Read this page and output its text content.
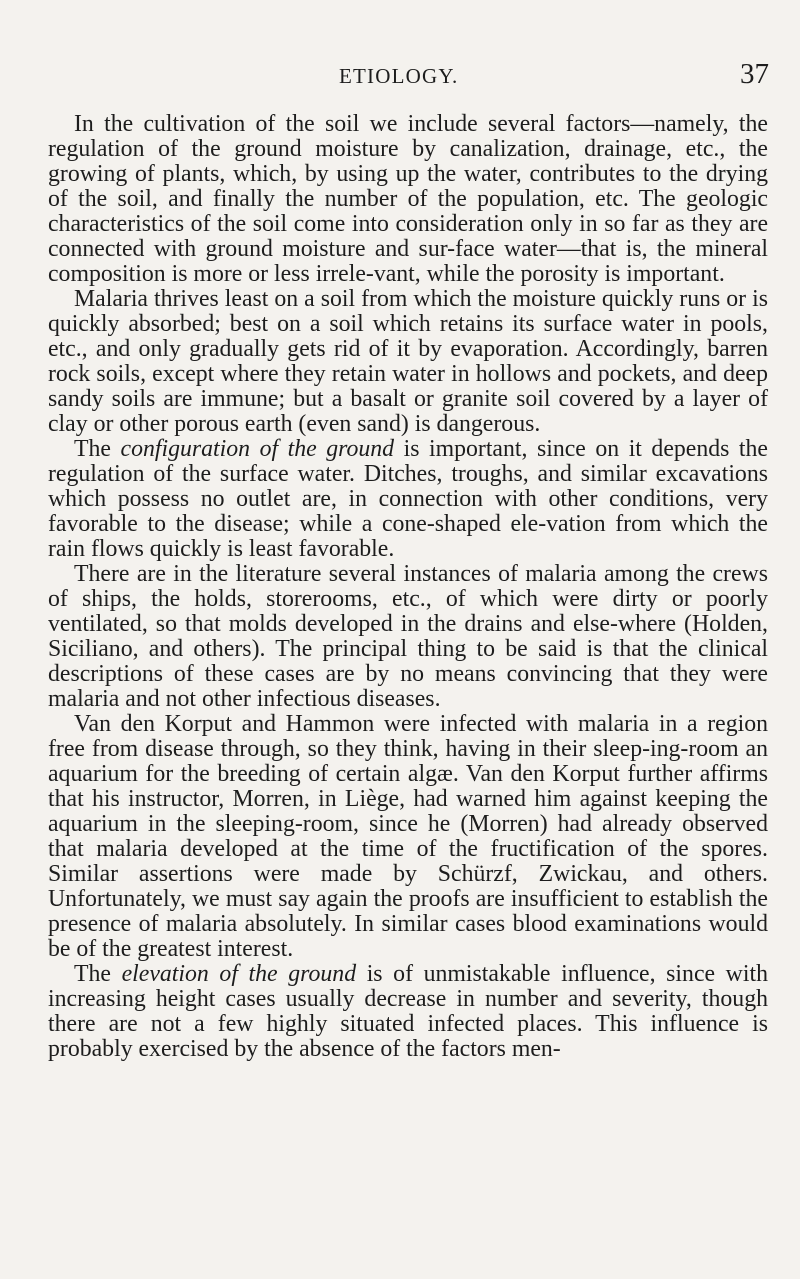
ETIOLOGY.	37

In the cultivation of the soil we include several factors—namely, the regulation of the ground moisture by canalization, drainage, etc., the growing of plants, which, by using up the water, contributes to the drying of the soil, and finally the number of the population, etc. The geologic characteristics of the soil come into consideration only in so far as they are connected with ground moisture and sur-face water—that is, the mineral composition is more or less irrele-vant, while the porosity is important.

Malaria thrives least on a soil from which the moisture quickly runs or is quickly absorbed; best on a soil which retains its surface water in pools, etc., and only gradually gets rid of it by evaporation. Accordingly, barren rock soils, except where they retain water in hollows and pockets, and deep sandy soils are immune; but a basalt or granite soil covered by a layer of clay or other porous earth (even sand) is dangerous.

The configuration of the ground is important, since on it depends the regulation of the surface water. Ditches, troughs, and similar excavations which possess no outlet are, in connection with other conditions, very favorable to the disease; while a cone-shaped ele-vation from which the rain flows quickly is least favorable.

There are in the literature several instances of malaria among the crews of ships, the holds, storerooms, etc., of which were dirty or poorly ventilated, so that molds developed in the drains and else-where (Holden, Siciliano, and others). The principal thing to be said is that the clinical descriptions of these cases are by no means convincing that they were malaria and not other infectious diseases.

Van den Korput and Hammon were infected with malaria in a region free from disease through, so they think, having in their sleep-ing-room an aquarium for the breeding of certain algæ. Van den Korput further affirms that his instructor, Morren, in Liège, had warned him against keeping the aquarium in the sleeping-room, since he (Morren) had already observed that malaria developed at the time of the fructification of the spores. Similar assertions were made by Schürzf, Zwickau, and others. Unfortunately, we must say again the proofs are insufficient to establish the presence of malaria absolutely. In similar cases blood examinations would be of the greatest interest.

The elevation of the ground is of unmistakable influence, since with increasing height cases usually decrease in number and severity, though there are not a few highly situated infected places. This influence is probably exercised by the absence of the factors men-
